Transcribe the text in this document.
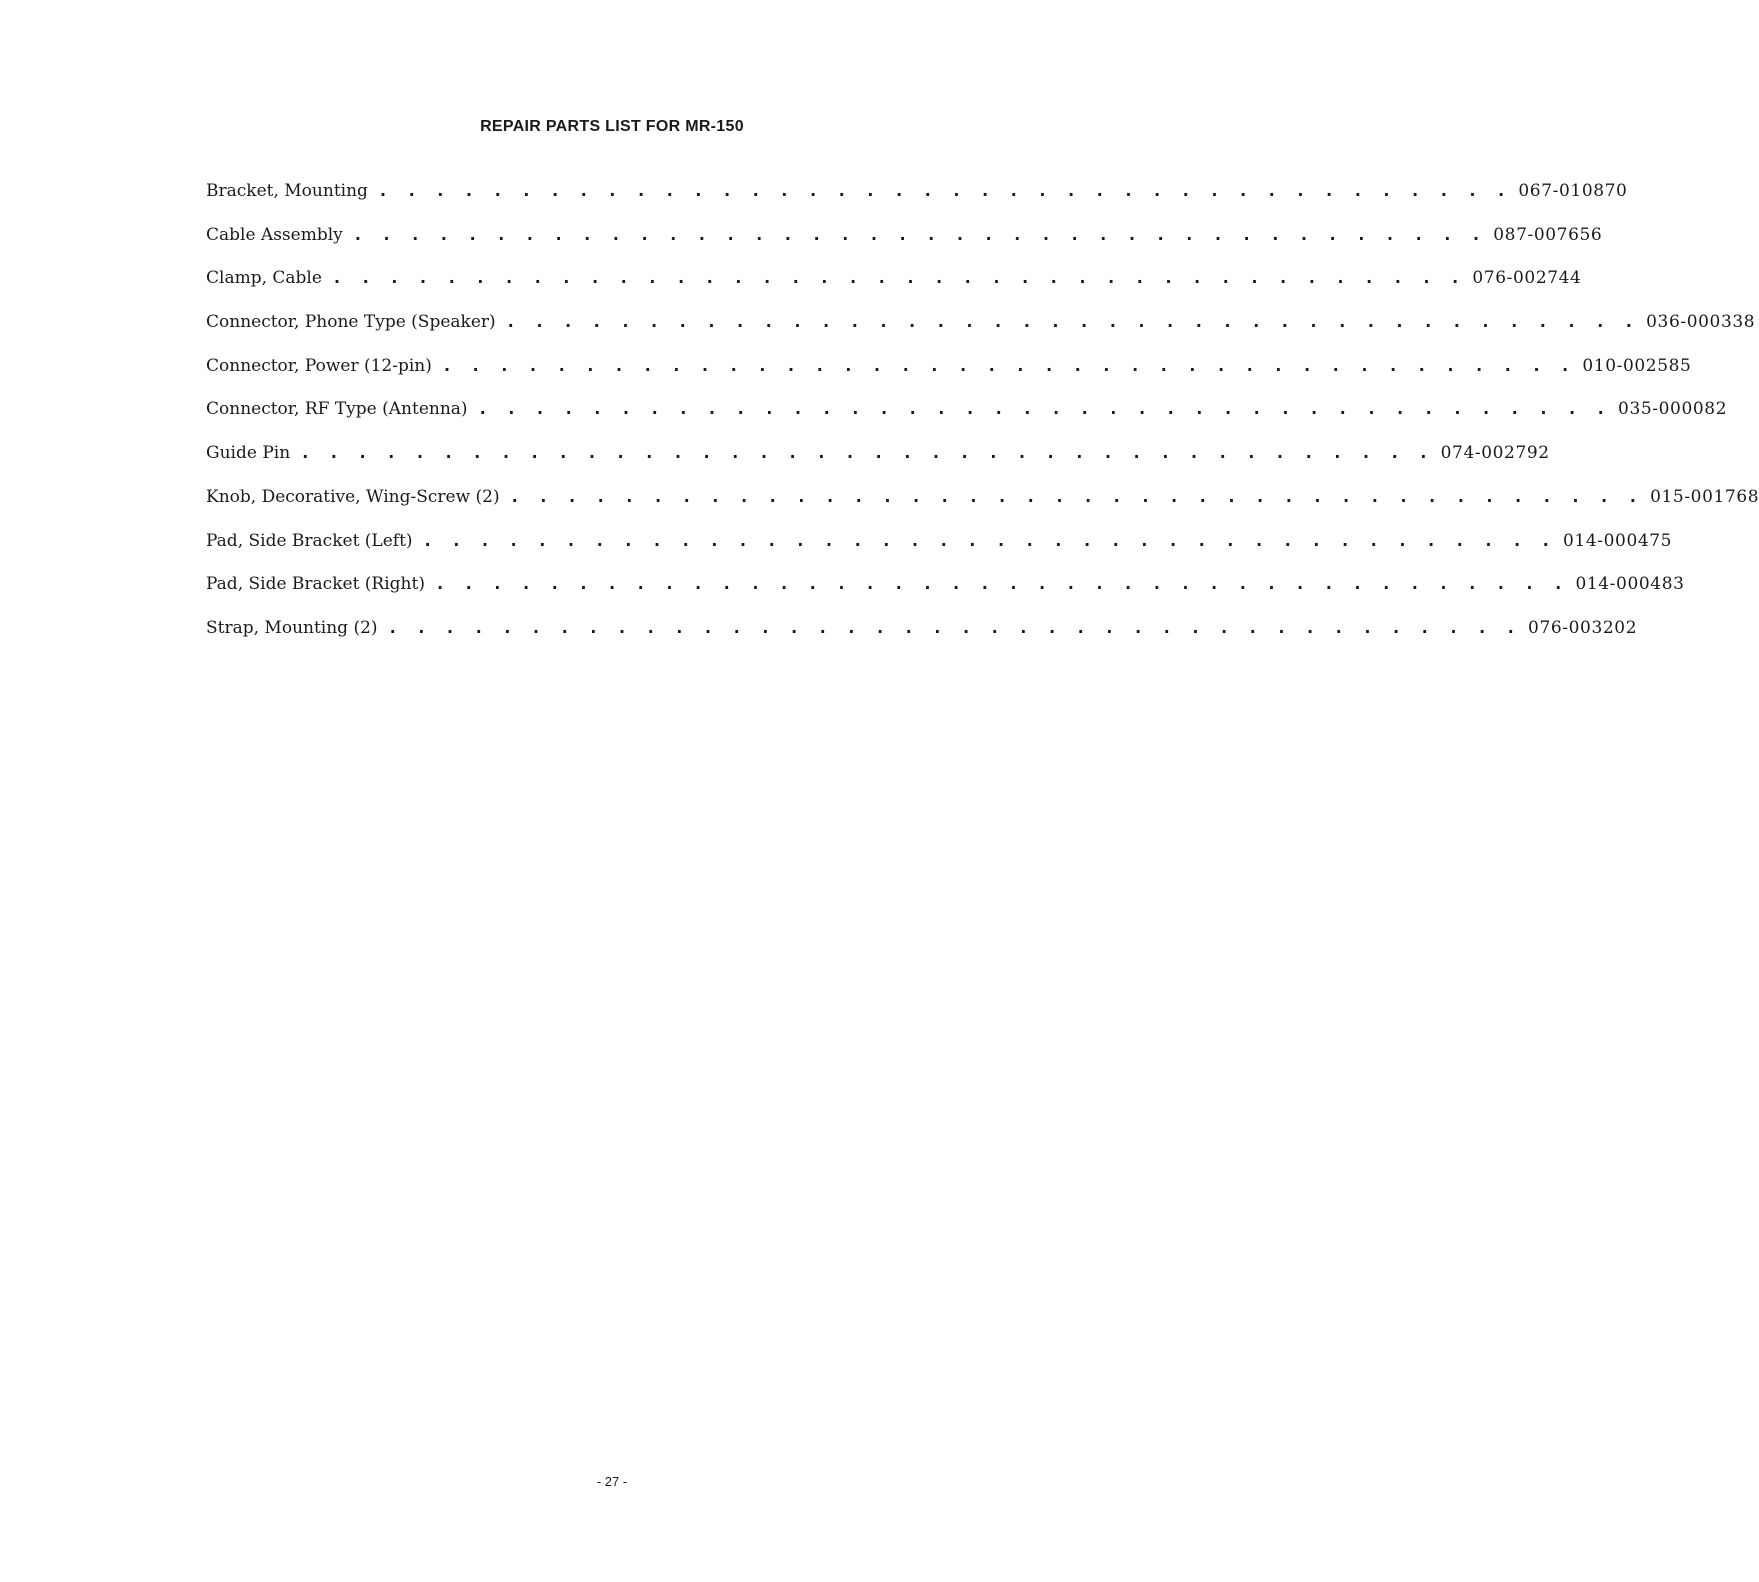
REPAIR PARTS LIST FOR MR-150
Bracket, Mounting . . . . . . . . . . . . . . . . . . . . . . . . . . . . . . . . . . . . . . . . 067-010870
Cable Assembly . . . . . . . . . . . . . . . . . . . . . . . . . . . . . . . . . . . . . . . . 087-007656
Clamp, Cable . . . . . . . . . . . . . . . . . . . . . . . . . . . . . . . . . . . . . . . . 076-002744
Connector, Phone Type (Speaker) . . . . . . . . . . . . . . . . . . . . . . . . . . . . . . . . . . . . . . . . 036-000338
Connector, Power (12-pin) . . . . . . . . . . . . . . . . . . . . . . . . . . . . . . . . . . . . . . . . 010-002585
Connector, RF Type (Antenna) . . . . . . . . . . . . . . . . . . . . . . . . . . . . . . . . . . . . . . . . 035-000082
Guide Pin . . . . . . . . . . . . . . . . . . . . . . . . . . . . . . . . . . . . . . . . 074-002792
Knob, Decorative, Wing-Screw (2) . . . . . . . . . . . . . . . . . . . . . . . . . . . . . . . . . . . . . . . . 015-001768
Pad, Side Bracket (Left) . . . . . . . . . . . . . . . . . . . . . . . . . . . . . . . . . . . . . . . . 014-000475
Pad, Side Bracket (Right) . . . . . . . . . . . . . . . . . . . . . . . . . . . . . . . . . . . . . . . . 014-000483
Strap, Mounting (2) . . . . . . . . . . . . . . . . . . . . . . . . . . . . . . . . . . . . . . . . 076-003202
- 27 -
